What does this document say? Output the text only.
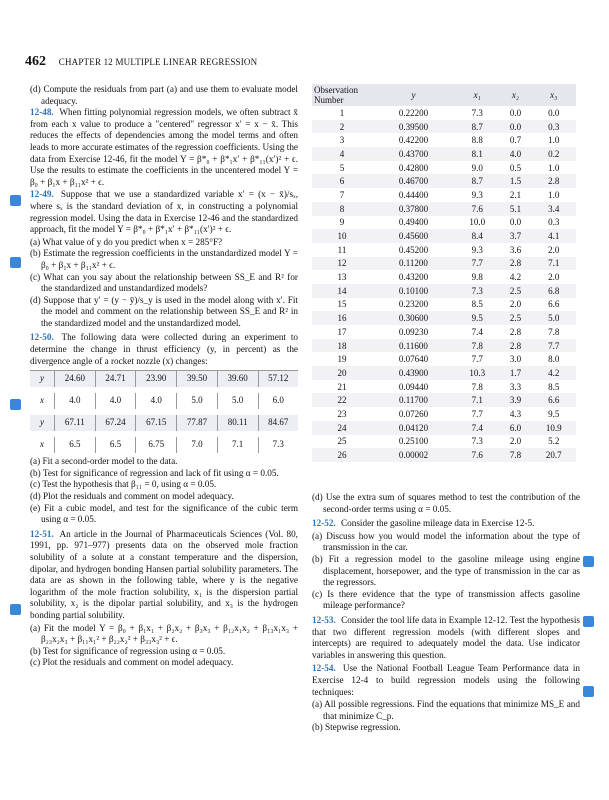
462 CHAPTER 12 MULTIPLE LINEAR REGRESSION

(d) Compute the residuals from part (a) and use them to evaluate model adequacy.

12-48. When fitting polynomial regression models, we often subtract x̄ from each x value to produce a "centered" regressor x′ = x − x̄. This reduces the effects of dependencies among the model terms and often leads to more accurate estimates of the regression coefficients. Using the data from Exercise 12-46, fit the model Y = β*₀ + β*₁x′ + β*₁₁(x′)² + ϵ. Use the results to estimate the coefficients in the uncentered model Y = β₀ + β₁x + β₁₁x² + ϵ.

12-49. Suppose that we use a standardized variable x′ = (x − x̄)/sₓ, where sₓ is the standard deviation of x, in constructing a polynomial regression model. Using the data in Exercise 12-46 and the standardized approach, fit the model Y = β*₀ + β*₁x′ + β*₁₁(x′)² + ϵ.

(a) What value of y do you predict when x = 285°F?

(b) Estimate the regression coefficients in the unstandardized model Y = β₀ + β₁x + β₁₁x² + ϵ.

(c) What can you say about the relationship between SS_E and R² for the standardized and unstandardized models?

(d) Suppose that y′ = (y − ȳ)/s_y is used in the model along with x′. Fit the model and comment on the relationship between SS_E and R² in the standardized model and the unstandardized model.

12-50. The following data were collected during an experiment to determine the change in thrust efficiency (y, in percent) as the divergence angle of a rocket nozzle (x) changes:

y	24.60	24.71	23.90	39.50	39.60	57.12

x	4.0	4.0	4.0	5.0	5.0	6.0

y	67.11	67.24	67.15	77.87	80.11	84.67

x	6.5	6.5	6.75	7.0	7.1	7.3

(a) Fit a second-order model to the data.

(b) Test for significance of regression and lack of fit using α = 0.05.

(c) Test the hypothesis that β₁₁ = 0, using α = 0.05.

(d) Plot the residuals and comment on model adequacy.

(e) Fit a cubic model, and test for the significance of the cubic term using α = 0.05.

12-51. An article in the Journal of Pharmaceuticals Sciences (Vol. 80, 1991, pp. 971–977) presents data on the observed mole fraction solubility of a solute at a constant temperature and the dispersion, dipolar, and hydrogen bonding Hansen partial solubility parameters. The data are as shown in the following table, where y is the negative logarithm of the mole fraction solubility, x₁ is the dispersion partial solubility, x₂ is the dipolar partial solubility, and x₃ is the hydrogen bonding partial solubility.

(a) Fit the model Y = β₀ + β₁x₁ + β₂x₂ + β₃x₃ + β₁₂x₁x₂ + β₁₃x₁x₃ + β₂₃x₂x₃ + β₁₁x₁² + β₂₂x₂² + β₃₃x₃² + ϵ.

(b) Test for significance of regression using α = 0.05.

(c) Plot the residuals and comment on model adequacy.

Observation Number	y	x₁	x₂	x₃
1	0.22200	7.3	0.0	0.0
2	0.39500	8.7	0.0	0.3
3	0.42200	8.8	0.7	1.0
4	0.43700	8.1	4.0	0.2
5	0.42800	9.0	0.5	1.0
6	0.46700	8.7	1.5	2.8
7	0.44400	9.3	2.1	1.0
8	0.37800	7.6	5.1	3.4
9	0.49400	10.0	0.0	0.3
10	0.45600	8.4	3.7	4.1
11	0.45200	9.3	3.6	2.0
12	0.11200	7.7	2.8	7.1
13	0.43200	9.8	4.2	2.0
14	0.10100	7.3	2.5	6.8
15	0.23200	8.5	2.0	6.6
16	0.30600	9.5	2.5	5.0
17	0.09230	7.4	2.8	7.8
18	0.11600	7.8	2.8	7.7
19	0.07640	7.7	3.0	8.0
20	0.43900	10.3	1.7	4.2
21	0.09440	7.8	3.3	8.5
22	0.11700	7.1	3.9	6.6
23	0.07260	7.7	4.3	9.5
24	0.04120	7.4	6.0	10.9
25	0.25100	7.3	2.0	5.2
26	0.00002	7.6	7.8	20.7

(d) Use the extra sum of squares method to test the contribution of the second-order terms using α = 0.05.

12-52. Consider the gasoline mileage data in Exercise 12-5.

(a) Discuss how you would model the information about the type of transmission in the car.

(b) Fit a regression model to the gasoline mileage using engine displacement, horsepower, and the type of transmission in the car as the regressors.

(c) Is there evidence that the type of transmission affects gasoline mileage performance?

12-53. Consider the tool life data in Example 12-12. Test the hypothesis that two different regression models (with different slopes and intercepts) are required to adequately model the data. Use indicator variables in answering this question.

12-54. Use the National Football League Team Performance data in Exercise 12-4 to build regression models using the following techniques:

(a) All possible regressions. Find the equations that minimize MS_E and that minimize C_p.

(b) Stepwise regression.
